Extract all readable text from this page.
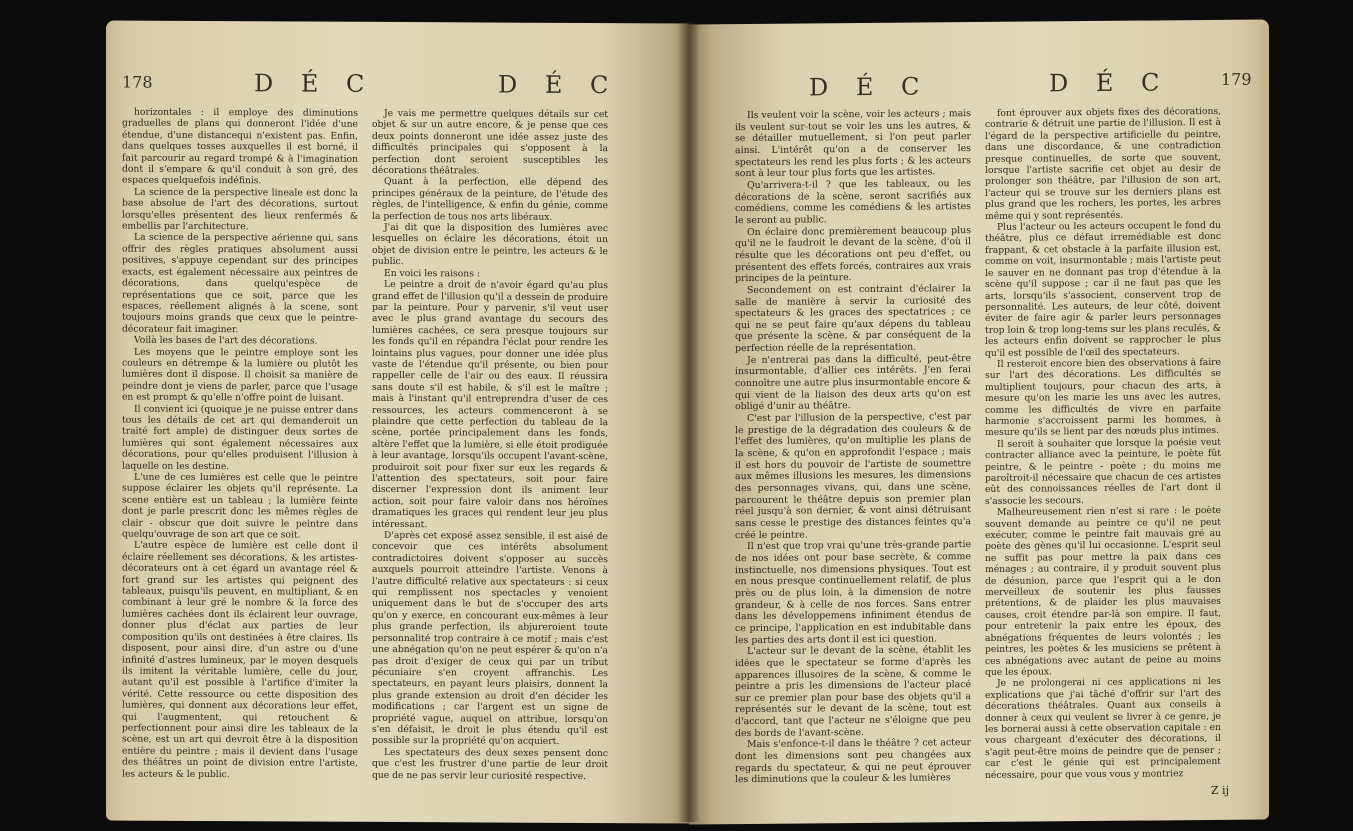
178	D É C	D É C

horizontales : il employe des diminutions graduelles de plans qui donneront l'idée d'une étendue, d'une distancequi n'existent pas. Enfin, dans quelques tosses auxquelles il est borné, il fait parcourir au regard trompé & à l'imagination dont il s'empare & qu'il conduit à son gré, des espaces quelquefois indéfinis.

La science de la perspective lineale est donc la base absolue de l'art des décorations, surtout lorsqu'elles présentent des lieux renfermés & embellis par l'architecture.

La science de la perspective aérienne qui, sans offrir des règles pratiques absolument aussi positives, s'appuye cependant sur des principes exacts, est également nécessaire aux peintres de décorations, dans quelqu'espèce de représentations que ce soit, parce que les espaces, réellement alignés à la scene, sont toujours moins grands que ceux que le peintre-décorateur fait imaginer.

Voilà les bases de l'art des décorations.

Les moyens que le peintre employe sont les couleurs en détrempe & la lumière ou plutôt les lumières dont il dispose. Il choisit sa manière de peindre dont je viens de parler, parce que l'usage en est prompt & qu'elle n'offre point de luisant.

Il convient ici (quoique je ne puisse entrer dans tous les détails de cet art qui demanderoit un traité fort ample) de distinguer deux sortes de lumières qui sont également nécessaires aux décorations, pour qu'elles produisent l'illusion à laquelle on les destine.

L'une de ces lumières est celle que le peintre suppose éclairer les objets qu'il représente. La scene entière est un tableau ; la lumière feinte dont je parle prescrit donc les mêmes règles de clair - obscur que doit suivre le peintre dans quelqu'ouvrage de son art que ce soit.

L'autre espèce de lumière est celle dont il éclaire réellement ses décorations, & les artistes-décorateurs ont à cet égard un avantage réel & fort grand sur les artistes qui peignent des tableaux, puisqu'ils peuvent, en multipliant, & en combinant à leur gré le nombre & la force des lumières cachées dont ils éclairent leur ouvrage, donner plus d'éclat aux parties de leur composition qu'ils ont destinées à être claires. Ils disposent, pour ainsi dire, d'un astre ou d'une infinité d'astres lumineux, par le moyen desquels ils imitent la véritable lumière, celle du jour, autant qu'il est possible à l'artifice d'imiter la vérité. Cette ressource ou cette disposition des lumières, qui donnent aux décorations leur effet, qui l'augmentent, qui retouchent & perfectionnent pour ainsi dire les tableaux de la scène, est un art qui devroit être à la disposition entière du peintre ; mais il devient dans l'usage des théâtres un point de division entre l'artiste, les acteurs & le public.

Je vais me permettre quelques détails sur cet objet & sur un autre encore, & je pense que ces deux points donneront une idée assez juste des difficultés principales qui s'opposent à la perfection dont seroient susceptibles les décorations théâtrales.

Quant à la perfection, elle dépend des principes généraux de la peinture, de l'étude des règles, de l'intelligence, & enfin du génie, comme la perfection de tous nos arts libéraux.

J'ai dit que la disposition des lumières avec lesquelles on éclaire les décorations, étoit un objet de division entre le peintre, les acteurs & le public.

En voici les raisons :

Le peintre a droit de n'avoir égard qu'au plus grand effet de l'illusion qu'il a dessein de produire par la peinture. Pour y parvenir, s'il veut user avec le plus grand avantage du secours des lumières cachées, ce sera presque toujours sur les fonds qu'il en répandra l'éclat pour rendre les lointains plus vagues, pour donner une idée plus vaste de l'étendue qu'il présente, ou bien pour rappeller celle de l'air ou des eaux. Il réussira sans doute s'il est habile, & s'il est le maître ; mais à l'instant qu'il entreprendra d'user de ces ressources, les acteurs commenceront à se plaindre que cette perfection du tableau de la scène, portée principalement dans les fonds, altère l'effet que la lumière, si elle étoit prodiguée à leur avantage, lorsqu'ils occupent l'avant-scène, produiroit soit pour fixer sur eux les regards & l'attention des spectateurs, soit pour faire discerner l'expression dont ils animent leur action, soit pour faire valoir dans nos héroïnes dramatiques les graces qui rendent leur jeu plus intéressant.

D'après cet exposé assez sensible, il est aisé de concevoir que ces intérêts absolument contradictoires doivent s'opposer au succès auxquels pourroit atteindre l'artiste. Venons à l'autre difficulté relative aux spectateurs : si ceux qui remplissent nos spectacles y venoient uniquement dans le but de s'occuper des arts qu'on y exerce, en concourant eux-mêmes à leur plus grande perfection, ils abjureroient toute personnalité trop contraire à ce motif ; mais c'est une abnégation qu'on ne peut espérer & qu'on n'a pas droit d'exiger de ceux qui par un tribut pécuniaire s'en croyent affranchis. Les spectateurs, en payant leurs plaisirs, donnent la plus grande extension au droit d'en décider les modifications ; car l'argent est un signe de propriété vague, auquel on attribue, lorsqu'on s'en défaisit, le droit le plus étendu qu'il est possible sur la propriété qu'on acquiert.

Les spectateurs des deux sexes pensent donc que c'est les frustrer d'une partie de leur droit que de ne pas servir leur curiosité respective.

D É C	D É C	179

Ils veulent voir la scène, voir les acteurs ; mais ils veulent sur-tout se voir les uns les autres, & se détailler mutuellement, si l'on peut parler ainsi. L'intérêt qu'on a de conserver les spectateurs les rend les plus forts ; & les acteurs sont à leur tour plus forts que les artistes.

Qu'arrivera-t-il ? que les tableaux, ou les décorations de la scène, seront sacrifiés aux comédiens, comme les comédiens & les artistes le seront au public.

On éclaire donc premièrement beaucoup plus qu'il ne le faudroit le devant de la scène, d'où il résulte que les décorations ont peu d'effet, ou présentent des effets forcés, contraires aux vrais principes de la peinture.

Secondement on est contraint d'éclairer la salle de manière à servir la curiosité des spectateurs & les graces des spectatrices ; ce qui ne se peut faire qu'aux dépens du tableau que présente la scène, & par conséquent de la perfection réelle de la représentation.

Je n'entrerai pas dans la difficulté, peut-être insurmontable, d'allier ces intérêts. J'en ferai connoître une autre plus insurmontable encore & qui vient de la liaison des deux arts qu'on est obligé d'unir au théâtre.

C'est par l'illusion de la perspective, c'est par le prestige de la dégradation des couleurs & de l'effet des lumières, qu'on multiplie les plans de la scène, & qu'on en approfondit l'espace ; mais il est hors du pouvoir de l'artiste de soumettre aux mêmes illusions les mesures, les dimensions des personnages vivans, qui, dans une scène, parcourent le théâtre depuis son premier plan réel jusqu'à son dernier, & vont ainsi détruisant sans cesse le prestige des distances feintes qu'a créé le peintre.

Il n'est que trop vrai qu'une très-grande partie de nos idées ont pour base secrète, & comme instinctuelle, nos dimensions physiques. Tout est en nous presque continuellement relatif, de plus près ou de plus loin, à la dimension de notre grandeur, & à celle de nos forces. Sans entrer dans les développemens infiniment étendus de ce principe, l'application en est indubitable dans les parties des arts dont il est ici question.

L'acteur sur le devant de la scène, établit les idées que le spectateur se forme d'après les apparences illusoires de la scène, & comme le peintre a pris les dimensions de l'acteur placé sur ce premier plan pour base des objets qu'il a représentés sur le devant de la scène, tout est d'accord, tant que l'acteur ne s'éloigne que peu des bords de l'avant-scène.

Mais s'enfonce-t-il dans le théâtre ? cet acteur dont les dimensions sont peu changées aux regards du spectateur, & qui ne peut éprouver les diminutions que la couleur & les lumières

font éprouver aux objets fixes des décorations, contrarie & détruit une partie de l'illusion. Il est à l'égard de la perspective artificielle du peintre, dans une discordance, & une contradiction presque continuelles, de sorte que souvent, lorsque l'artiste sacrifie cet objet au desir de prolonger son théâtre, par l'illusion de son art, l'acteur qui se trouve sur les derniers plans est plus grand que les rochers, les portes, les arbres même qui y sont représentés.

Plus l'acteur ou les acteurs occupent le fond du théâtre, plus ce défaut irremédiable est donc frappant, & cet obstacle à la parfaite illusion est, comme on voit, insurmontable ; mais l'artiste peut le sauver en ne donnant pas trop d'étendue à la scène qu'il suppose ; car il ne faut pas que les arts, lorsqu'ils s'associent, conservent trop de personnalité. Les auteurs, de leur côté, doivent éviter de faire agir & parler leurs personnages trop loin & trop long-tems sur les plans reculés, & les acteurs enfin doivent se rapprocher le plus qu'il est possible de l'œil des spectateurs.

Il resteroit encore bien des observations à faire sur l'art des décorations. Les difficultés se multiplient toujours, pour chacun des arts, à mesure qu'on les marie les uns avec les autres, comme les difficultés de vivre en parfaite harmonie s'accroissent parmi les hommes, à mesure qu'ils se lient par des nœuds plus intimes.

Il seroit à souhaiter que lorsque la poésie veut contracter alliance avec la peinture, le poète fût peintre, & le peintre - poète ; du moins me paroîtroit-il nécessaire que chacun de ces artistes eût des connoissances réelles de l'art dont il s'associe les secours.

Malheureusement rien n'est si rare : le poète souvent demande au peintre ce qu'il ne peut exécuter, comme le peintre fait mauvais gré au poète des gènes qu'il lui occasionne. L'esprit seul ne suffit pas pour mettre la paix dans ces ménages ; au contraire, il y produit souvent plus de désunion, parce que l'esprit qui a le don merveilleux de soutenir les plus fausses prétentions, & de plaider les plus mauvaises causes, croit étendre par-là son empire. Il faut, pour entretenir la paix entre les époux, des abnégations fréquentes de leurs volontés ; les peintres, les poètes & les musiciens se prêtent à ces abnégations avec autant de peine au moins que les époux.

Je ne prolongerai ni ces applications ni les explications que j'ai tâché d'offrir sur l'art des décorations théâtrales. Quant aux conseils à donner à ceux qui veulent se livrer à ce genre, je les bornerai aussi à cette observation capitale : en vous chargeant d'exécuter des décorations, il s'agit peut-être moins de peindre que de penser ; car c'est le génie qui est principalement nécessaire, pour que vous vous y montriez

Z ij
